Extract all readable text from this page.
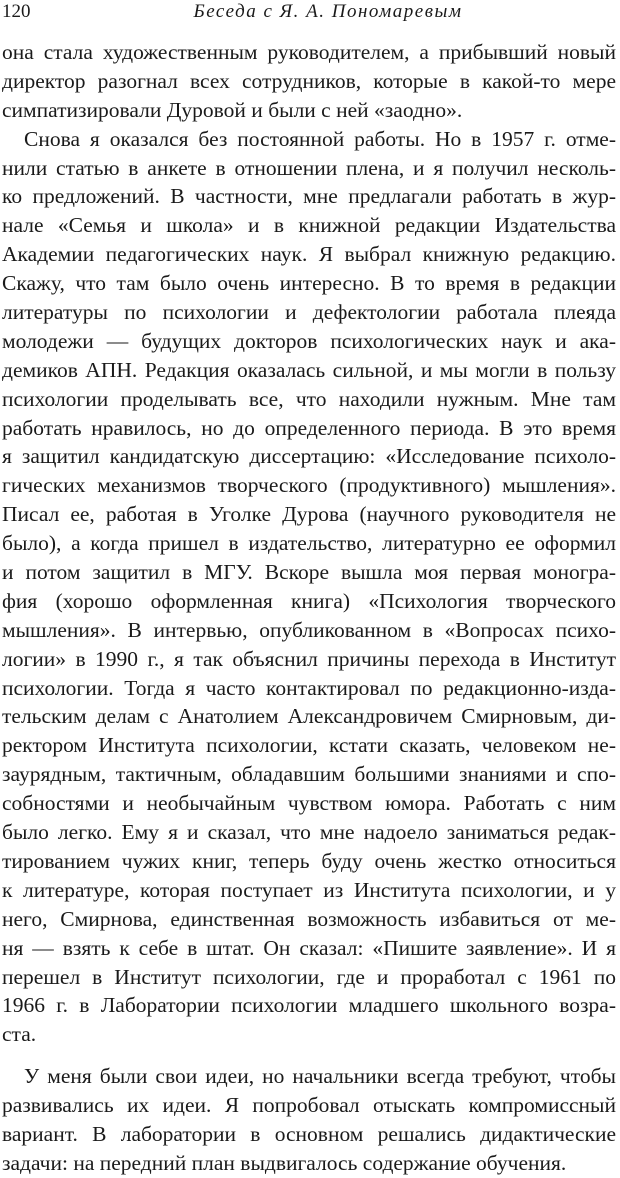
120	Беседа с Я. А. Пономаревым
она стала художественным руководителем, а прибывший новый
директор разогнал всех сотрудников, которые в какой-то мере
симпатизировали Дуровой и были с ней «заодно».
Снова я оказался без постоянной работы. Но в 1957 г. отме-
нили статью в анкете в отношении плена, и я получил несколь-
ко предложений. В частности, мне предлагали работать в жур-
нале «Семья и школа» и в книжной редакции Издательства
Академии педагогических наук. Я выбрал книжную редакцию.
Скажу, что там было очень интересно. В то время в редакции
литературы по психологии и дефектологии работала плеяда
молодежи — будущих докторов психологических наук и ака-
демиков АПН. Редакция оказалась сильной, и мы могли в пользу
психологии проделывать все, что находили нужным. Мне там
работать нравилось, но до определенного периода. В это время
я защитил кандидатскую диссертацию: «Исследование психоло-
гических механизмов творческого (продуктивного) мышления».
Писал ее, работая в Уголке Дурова (научного руководителя не
было), а когда пришел в издательство, литературно ее оформил
и потом защитил в МГУ. Вскоре вышла моя первая моногра-
фия (хорошо оформленная книга) «Психология творческого
мышления». В интервью, опубликованном в «Вопросах психо-
логии» в 1990 г., я так объяснил причины перехода в Институт
психологии. Тогда я часто контактировал по редакционно-изда-
тельским делам с Анатолием Александровичем Смирновым, ди-
ректором Института психологии, кстати сказать, человеком не-
заурядным, тактичным, обладавшим большими знаниями и спо-
собностями и необычайным чувством юмора. Работать с ним
было легко. Ему я и сказал, что мне надоело заниматься редак-
тированием чужих книг, теперь буду очень жестко относиться
к литературе, которая поступает из Института психологии, и у
него, Смирнова, единственная возможность избавиться от ме-
ня — взять к себе в штат. Он сказал: «Пишите заявление». И я
перешел в Институт психологии, где и проработал с 1961 по
1966 г. в Лаборатории психологии младшего школьного возра-
ста.
У меня были свои идеи, но начальники всегда требуют, чтобы
развивались их идеи. Я попробовал отыскать компромиссный
вариант. В лаборатории в основном решались дидактические
задачи: на передний план выдвигалось содержание обучения.
